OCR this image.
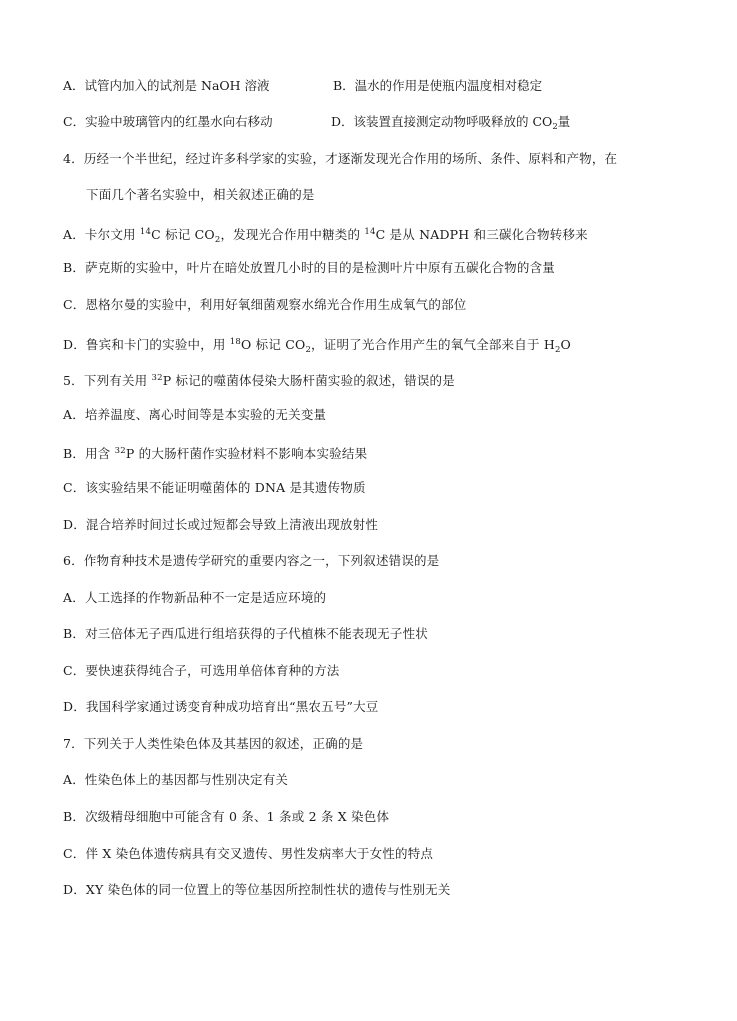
A．试管内加入的试剂是 NaOH 溶液	B．温水的作用是使瓶内温度相对稳定
C．实验中玻璃管内的红墨水向右移动	D．该装置直接测定动物呼吸释放的 $CO_2$量
4．历经一个半世纪，经过许多科学家的实验，才逐渐发现光合作用的场所、条件、原料和产物，在
下面几个著名实验中，相关叙述正确的是
A．卡尔文用 $^{14}$C 标记 $CO_2$，发现光合作用中糖类的 $^{14}$C 是从 NADPH 和三碳化合物转移来
B．萨克斯的实验中，叶片在暗处放置几小时的目的是检测叶片中原有五碳化合物的含量
C．恩格尔曼的实验中，利用好氧细菌观察水绵光合作用生成氧气的部位
D．鲁宾和卡门的实验中，用 $^{18}$O 标记 $CO_2$，证明了光合作用产生的氧气全部来自于 $H_2O$
5．下列有关用 $^{32}$P 标记的噬菌体侵染大肠杆菌实验的叙述，错误的是
A．培养温度、离心时间等是本实验的无关变量
B．用含 $^{32}$P 的大肠杆菌作实验材料不影响本实验结果
C．该实验结果不能证明噬菌体的 DNA 是其遗传物质
D．混合培养时间过长或过短都会导致上清液出现放射性
6．作物育种技术是遗传学研究的重要内容之一，下列叙述错误的是
A．人工选择的作物新品种不一定是适应环境的
B．对三倍体无子西瓜进行组培获得的子代植株不能表现无子性状
C．要快速获得纯合子，可选用单倍体育种的方法
D．我国科学家通过诱变育种成功培育出“黑农五号”大豆
7．下列关于人类性染色体及其基因的叙述，正确的是
A．性染色体上的基因都与性别决定有关
B．次级精母细胞中可能含有 0 条、1 条或 2 条 X 染色体
C．伴 X 染色体遗传病具有交叉遗传、男性发病率大于女性的特点
D．XY 染色体的同一位置上的等位基因所控制性状的遗传与性别无关
